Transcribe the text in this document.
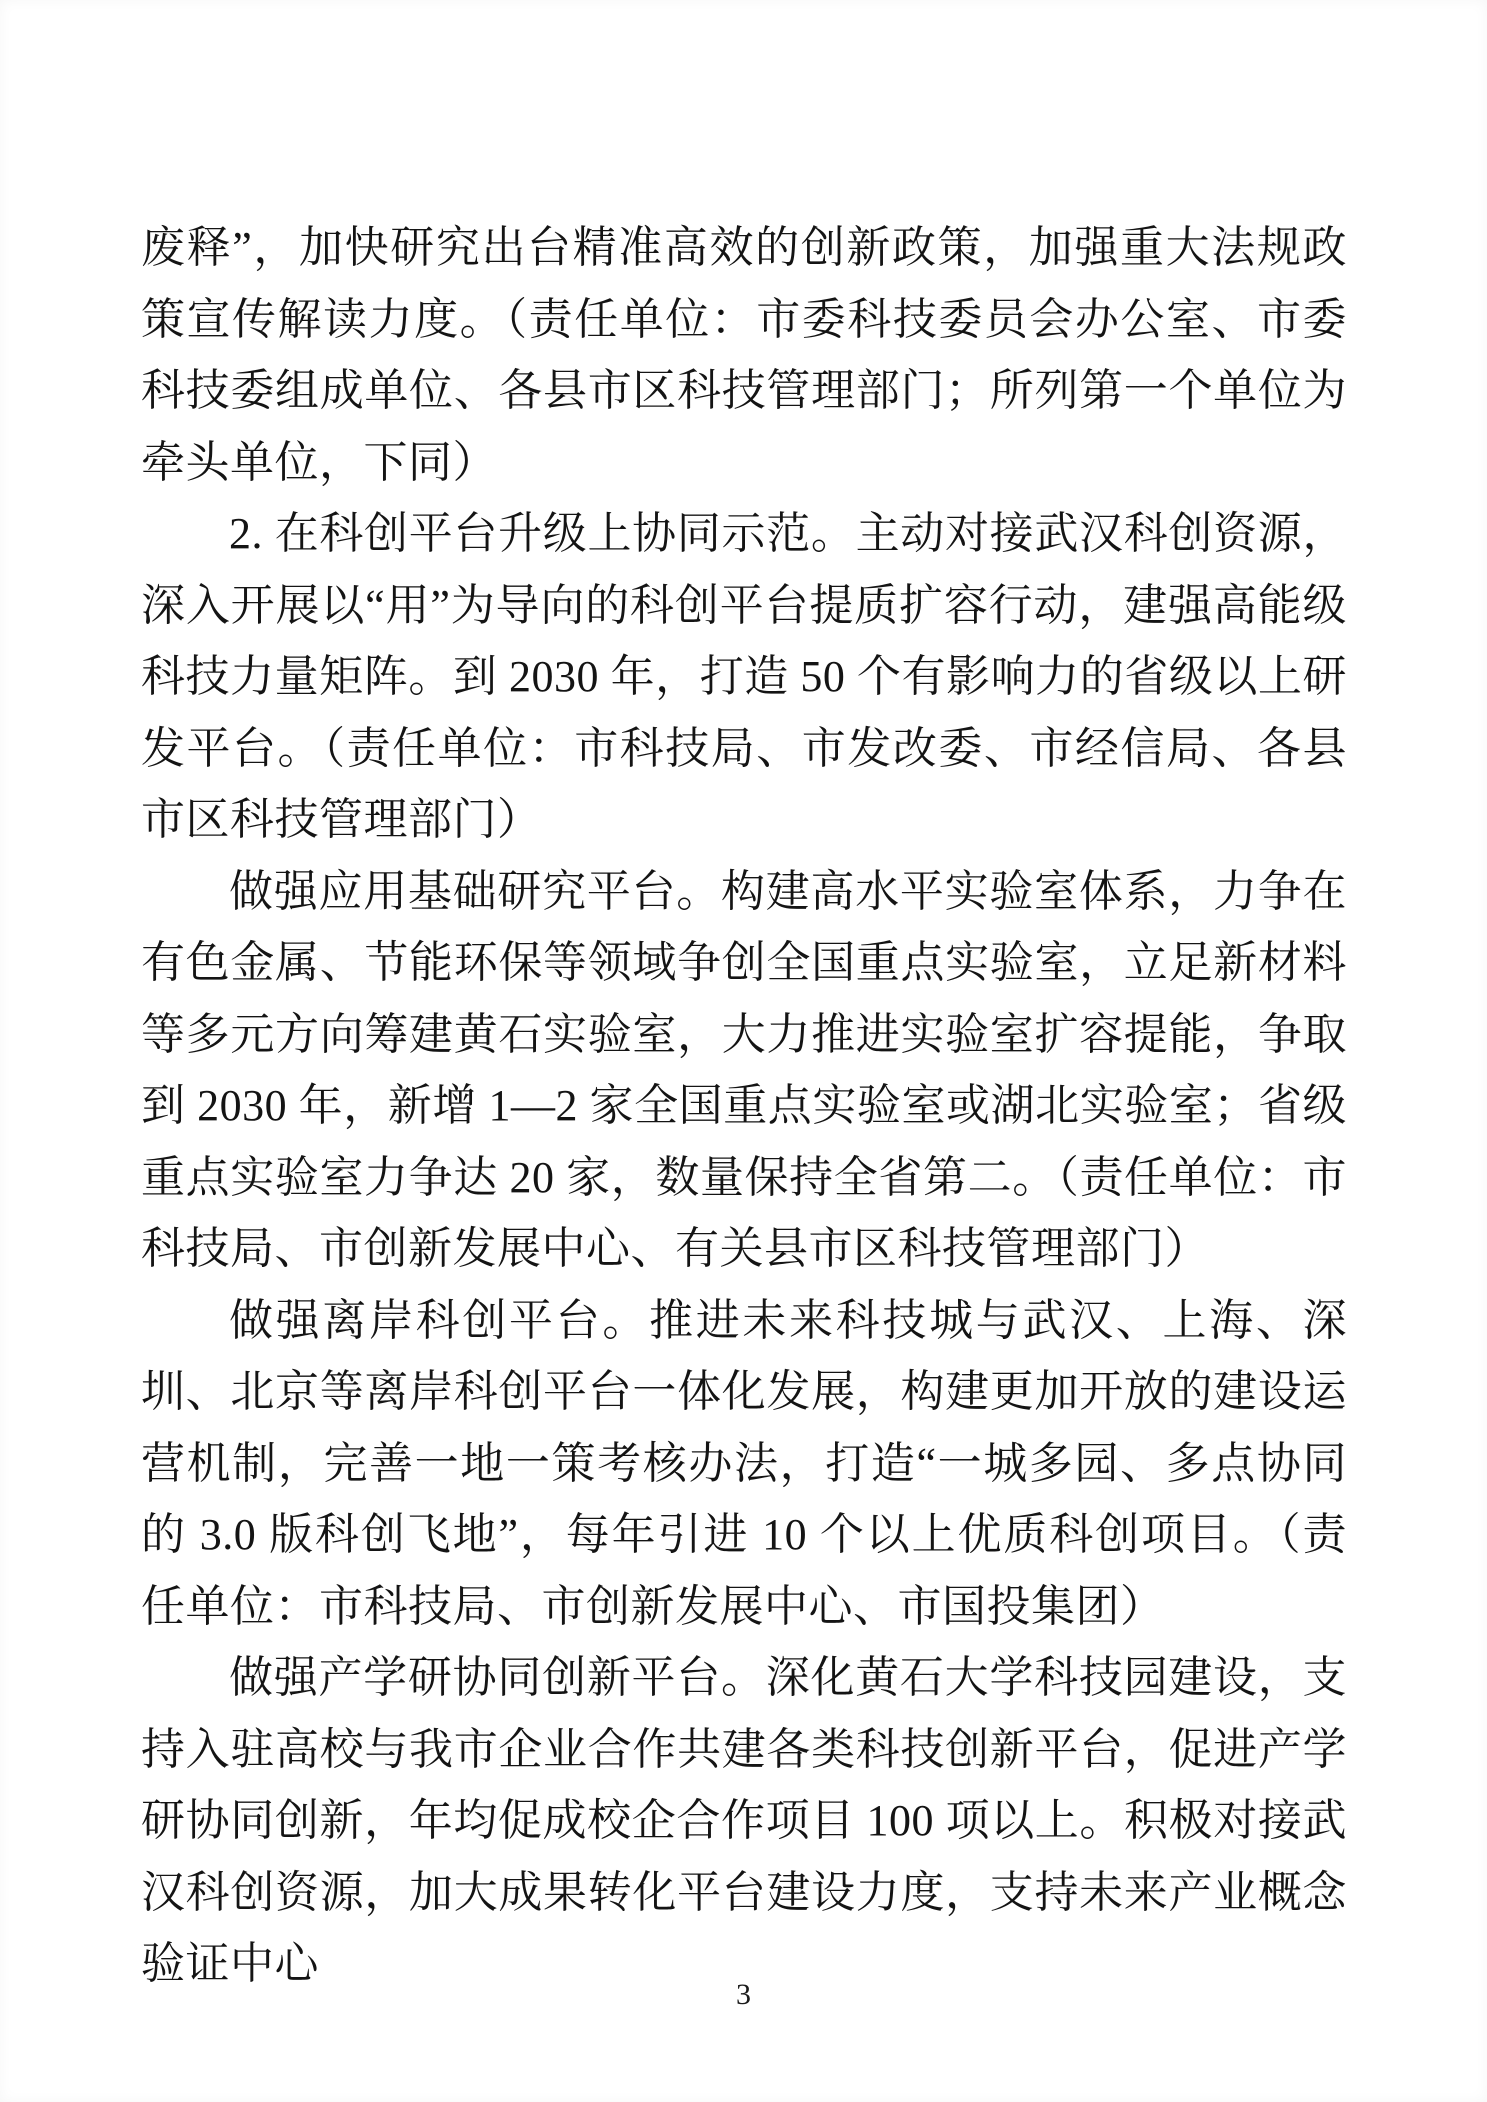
废释”，加快研究出台精准高效的创新政策，加强重大法规政策宣传解读力度。（责任单位：市委科技委员会办公室、市委科技委组成单位、各县市区科技管理部门；所列第一个单位为牵头单位，下同）

2. 在科创平台升级上协同示范。主动对接武汉科创资源，深入开展以“用”为导向的科创平台提质扩容行动，建强高能级科技力量矩阵。到 2030 年，打造 50 个有影响力的省级以上研发平台。（责任单位：市科技局、市发改委、市经信局、各县市区科技管理部门）

做强应用基础研究平台。构建高水平实验室体系，力争在有色金属、节能环保等领域争创全国重点实验室，立足新材料等多元方向筹建黄石实验室，大力推进实验室扩容提能，争取到 2030 年，新增 1—2 家全国重点实验室或湖北实验室；省级重点实验室力争达 20 家，数量保持全省第二。（责任单位：市科技局、市创新发展中心、有关县市区科技管理部门）

做强离岸科创平台。推进未来科技城与武汉、上海、深圳、北京等离岸科创平台一体化发展，构建更加开放的建设运营机制，完善一地一策考核办法，打造“一城多园、多点协同的 3.0 版科创飞地”，每年引进 10 个以上优质科创项目。（责任单位：市科技局、市创新发展中心、市国投集团）

做强产学研协同创新平台。深化黄石大学科技园建设，支持入驻高校与我市企业合作共建各类科技创新平台，促进产学研协同创新，年均促成校企合作项目 100 项以上。积极对接武汉科创资源，加大成果转化平台建设力度，支持未来产业概念验证中心

3
